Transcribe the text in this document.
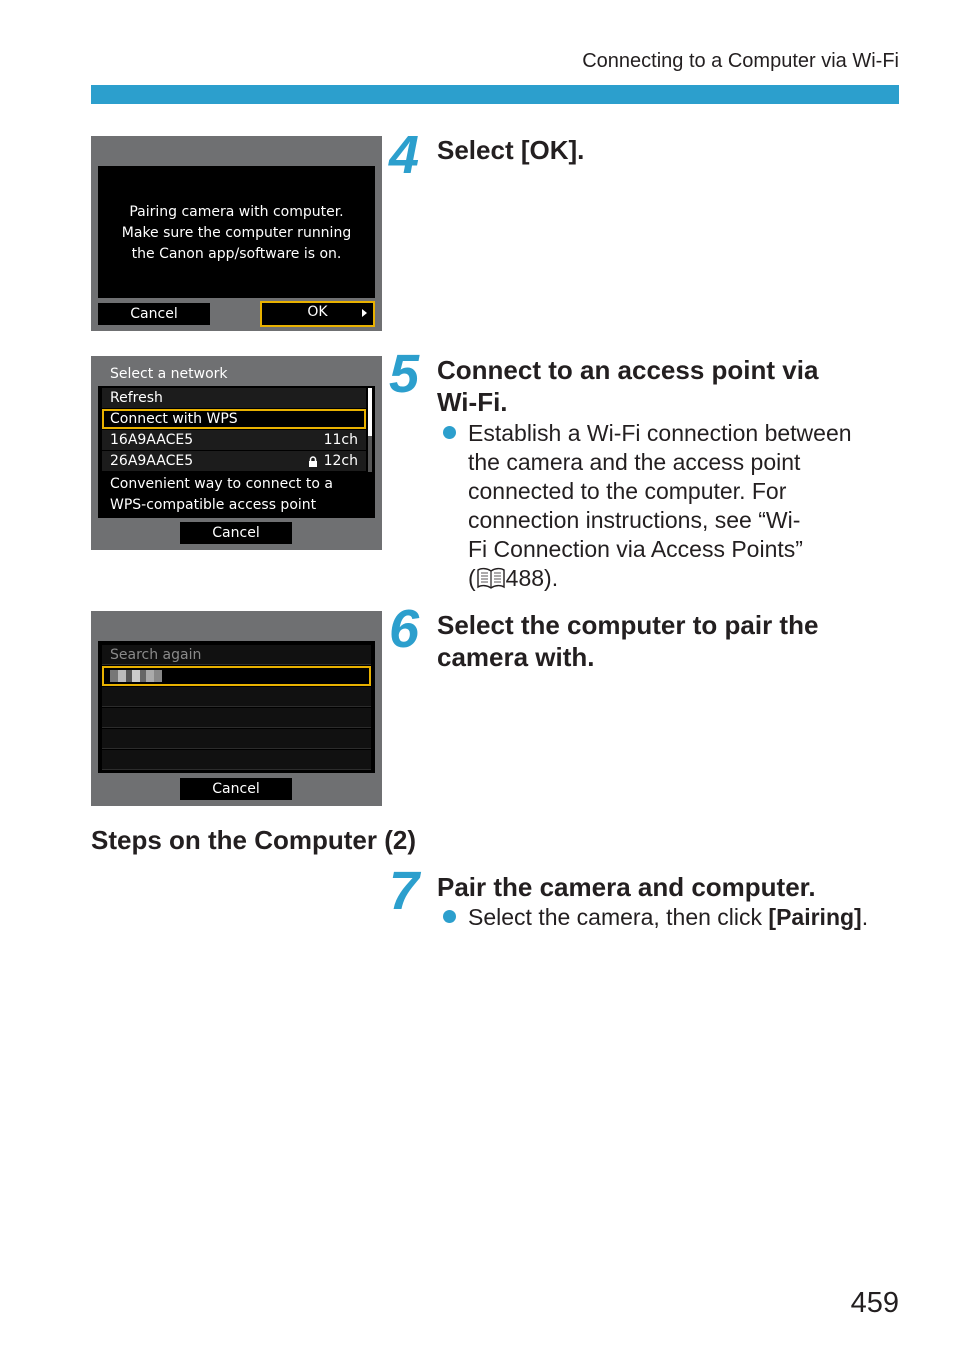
Connecting to a Computer via Wi-Fi
Pairing camera with computer.
Make sure the computer running
the Canon app/software is on.
Cancel	OK
Select a network
Refresh
Connect with WPS
16A9AACE5	11ch
26A9AACE5	12ch
Convenient way to connect to a
WPS-compatible access point
Cancel
Search again
Cancel
4 Select [OK].
5 Connect to an access point via
Wi-Fi.
Establish a Wi-Fi connection between
the camera and the access point
connected to the computer. For
connection instructions, see “Wi-
Fi Connection via Access Points”
( 488).
6 Select the computer to pair the
camera with.
Steps on the Computer (2)
7 Pair the camera and computer.
Select the camera, then click [Pairing].
459
